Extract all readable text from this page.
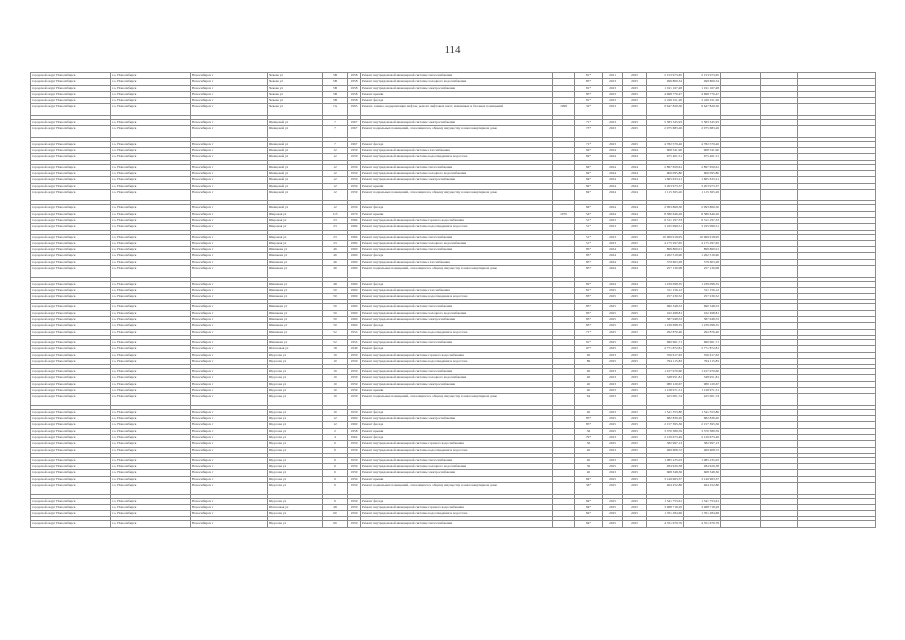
114
городской округ Новосибирск	г.о. Новосибирск	Новосибирск г	Чекова ул	5В	1958	Ремонт внутридомовой инженерной системы теплоснабжения		81*	2021	2025	2 153 973,65	2 153 973,65			
городской округ Новосибирск	г.о. Новосибирск	Новосибирск г	Чекова ул	5В	1958	Ремонт внутридомовой инженерной системы холодного водоснабжения		85*	2023	2025	499 809,34	499 809,34			
городской округ Новосибирск	г.о. Новосибирск	Новосибирск г	Чекова ул	5В	1958	Ремонт внутридомовой инженерной системы электроснабжения		81*	2023	2025	1 191 167,48	1 191 167,48			
городской округ Новосибирск	г.о. Новосибирск	Новосибирск г	Чекова ул	5В	1958	Ремонт крыши		85*	2023	2025	4 698 770,47	4 698 770,47			
городской округ Новосибирск	г.о. Новосибирск	Новосибирск г	Чекова ул	5В	1958	Ремонт фасада		81*	2023	2025	2 226 011,26	2 226 011,26			
городской округ Новосибирск	г.о. Новосибирск	Новосибирск г	Чекова ул	7А	1995	Ремонт, замена, модернизация лифтов, ремонт лифтовых шахт, машинных и блочных помещений	1998	32*	2023	2025	9 647 829,56	9 647 829,56			

городской округ Новосибирск	г.о. Новосибирск	Новосибирск г	Шевцовой ул	7	1967	Ремонт внутридомовой инженерной системы электроснабжения		71*	2023	2025	5 583 345,93	5 583 345,93			
городской округ Новосибирск	г.о. Новосибирск	Новосибирск г	Шевцовой ул	7	1967	Ремонт подвальных помещений, относящихся к общему имуществу в многоквартирном доме		73*	2023	2025	2 075 683,26	2 075 683,26			

городской округ Новосибирск	г.о. Новосибирск	Новосибирск г	Шевцовой ул	7	1967	Ремонт фасада		71*	2023	2025	4 782 579,46	4 782 579,46			
городской округ Новосибирск	г.о. Новосибирск	Новосибирск г	Шевцовой ул	12	1959	Ремонт внутридомовой инженерной системы газоснабжения		94*	2024	2024	908 541,90	908 541,90			
городской округ Новосибирск	г.о. Новосибирск	Новосибирск г	Шевцовой ул	12	1959	Ремонт внутридомовой инженерной системы водоотведения и водостока		84*	2024	2024	675 461,51	675 461,51			

городской округ Новосибирск	г.о. Новосибирск	Новосибирск г	Шевцовой ул	12	1959	Ремонт внутридомовой инженерной системы теплоснабжения		84*	2024	2024	2 897 659,61	2 897 659,61			
городской округ Новосибирск	г.о. Новосибирск	Новосибирск г	Шевцовой ул	12	1959	Ремонт внутридомовой инженерной системы холодного водоснабжения		84*	2024	2024	606 095,80	606 095,80			
городской округ Новосибирск	г.о. Новосибирск	Новосибирск г	Шевцовой ул	12	1959	Ремонт внутридомовой инженерной системы электроснабжения		84*	2024	2024	1 665 633,21	1 665 633,21			
городской округ Новосибирск	г.о. Новосибирск	Новосибирск г	Шевцовой ул	12	1959	Ремонт крыши		84*	2024	2024	3 203 973,37	3 203 973,37			
городской округ Новосибирск	г.о. Новосибирск	Новосибирск г	Шевцовой ул	12	1959	Ремонт подвальных помещений, относящихся к общему имуществу в многоквартирном доме		84*	2024	2024	1 115 365,26	1 115 365,26			

городской округ Новосибирск	г.о. Новосибирск	Новосибирск г	Шевцовой ул	12	1959	Ремонт фасада		84*	2024	2024	2 093 869,50	2 093 869,50			
городской округ Новосибирск	г.о. Новосибирск	Новосибирск г	Широкая ул	113	1970	Ремонт крыши	1970	54*	2024	2024	8 580 646,26	8 580 646,26			
городской округ Новосибирск	г.о. Новосибирск	Новосибирск г	Широкая ул	23	1984	Ремонт внутридомовой инженерной системы горячего водоснабжения		51*	2023	2025	6 511 197,33	6 511 197,33			
городской округ Новосибирск	г.о. Новосибирск	Новосибирск г	Широкая ул	23	1984	Ремонт внутридомовой инженерной системы водоотведения и водостока		51*	2023	2025	3 165 999,51	3 165 999,51			

городской округ Новосибирск	г.о. Новосибирск	Новосибирск г	Широкая ул	23	1984	Ремонт внутридомовой инженерной системы теплоснабжения		51*	2023	2025	10 969 918,95	10 969 918,95			
городской округ Новосибирск	г.о. Новосибирск	Новосибирск г	Широкая ул	23	1984	Ремонт внутридомовой инженерной системы холодного водоснабжения		51*	2023	2025	4 175 297,65	4 175 297,65			
городской округ Новосибирск	г.о. Новосибирск	Новосибирск г	Шишкова ул	46	1960	Ремонт внутридомовой инженерной системы теплоснабжения		85*	2024	2024	899 860,01	899 860,01			
городской округ Новосибирск	г.о. Новосибирск	Новосибирск г	Шишкова ул	46	1960	Ремонт фасада		83*	2024	2024	1 262 519,90	1 262 519,90			
городской округ Новосибирск	г.о. Новосибирск	Новосибирск г	Шишкова ул	46	1960	Ремонт внутридомовой инженерной системы газоснабжения		85*	2024	2024	379 603,28	379 603,28			
городской округ Новосибирск	г.о. Новосибирск	Новосибирск г	Шишкова ул	46	1960	Ремонт подвальных помещений, относящихся к общему имуществу в многоквартирном доме		85*	2024	2024	257 130,08	257 130,08			

городской округ Новосибирск	г.о. Новосибирск	Новосибирск г	Шишкова ул	48	1960	Ремонт фасада		82*	2024	2024	1 239 098,35	1 239 098,35			
городской округ Новосибирск	г.о. Новосибирск	Новосибирск г	Шишкова ул	50	1960	Ремонт внутридомовой инженерной системы газоснабжения		81*	2025	2025	311 156,12	311 156,12			
городской округ Новосибирск	г.о. Новосибирск	Новосибирск г	Шишкова ул	50	1960	Ремонт внутридомовой инженерной системы водоотведения и водостока		83*	2025	2025	257 230,52	257 230,52			

городской округ Новосибирск	г.о. Новосибирск	Новосибирск г	Шишкова ул	50	1960	Ремонт внутридомовой инженерной системы теплоснабжения		83*	2025	2025	690 348,53	690 348,53			
городской округ Новосибирск	г.о. Новосибирск	Новосибирск г	Шишкова ул	50	1960	Ремонт внутридомовой инженерной системы холодного водоснабжения		83*	2025	2025	162 498,81	162 498,81			
городской округ Новосибирск	г.о. Новосибирск	Новосибирск г	Шишкова ул	50	1960	Ремонт внутридомовой инженерной системы электроснабжения		83*	2025	2025	587 948,53	587 948,53			
городской округ Новосибирск	г.о. Новосибирск	Новосибирск г	Шишкова ул	50	1960	Ремонт фасада		83*	2025	2025	1 239 098,35	1 239 098,35			
городской округ Новосибирск	г.о. Новосибирск	Новосибирск г	Шишкова ул	52	1954	Ремонт внутридомовой инженерной системы водоотведения и водостока		71*	2025	2025	292 876,46	292 876,46			

городской округ Новосибирск	г.о. Новосибирск	Новосибирск г	Шишкова ул	52	1954	Ремонт внутридомовой инженерной системы теплоснабжения		91*	2025	2025	690 961,71	690 961,71			
городской округ Новосибирск	г.о. Новосибирск	Новосибирск г	Шлюзовая ул	18	1949	Ремонт фасада		97*	2025	2025	2 771 872,81	2 771 872,81			
городской округ Новосибирск	г.о. Новосибирск	Новосибирск г	Щорсова ул	10	1959	Ремонт внутридомовой инженерной системы горячего водоснабжения		40	2023	2025	356 617,63	356 617,63			
городской округ Новосибирск	г.о. Новосибирск	Новосибирск г	Щорсова ул	10	1959	Ремонт внутридомовой инженерной системы водоотведения и водостока		89	2025	2025	794 115,83	794 115,83			

городской округ Новосибирск	г.о. Новосибирск	Новосибирск г	Щорсова ул	10	1959	Ремонт внутридомовой инженерной системы теплоснабжения		40	2023	2025	1 017 970,60	1 017 970,60			
городской округ Новосибирск	г.о. Новосибирск	Новосибирск г	Щорсова ул	10	1959	Ремонт внутридомовой инженерной системы холодного водоснабжения		40	2023	2025	348 951,81	348 951,81			
городской округ Новосибирск	г.о. Новосибирск	Новосибирск г	Щорсова ул	10	1959	Ремонт внутридомовой инженерной системы электроснабжения		40	2023	2025	980 120,67	980 120,67			
городской округ Новосибирск	г.о. Новосибирск	Новосибирск г	Щорсова ул	10	1959	Ремонт крыши		40	2023	2025	1 128 971,51	1 128 971,51			
городской округ Новосибирск	г.о. Новосибирск	Новосибирск г	Щорсова ул	10	1959	Ремонт подвальных помещений, относящихся к общему имуществу в многоквартирном доме		64	2023	2025	425 001,74	425 001,74			

городской округ Новосибирск	г.о. Новосибирск	Новосибирск г	Щорсова ул	10	1959	Ремонт фасада		40	2023	2025	1 541 353,80	1 541 353,80			
городской округ Новосибирск	г.о. Новосибирск	Новосибирск г	Щорсова ул	12	1960	Ремонт внутридомовой инженерной системы электроснабжения		85*	2025	2025	682 839,20	682 839,20			
городской округ Новосибирск	г.о. Новосибирск	Новосибирск г	Щорсова ул	12	1960	Ремонт фасада		85*	2025	2025	2 157 395,36	2 157 395,36			
городской округ Новосибирск	г.о. Новосибирск	Новосибирск г	Щорсова ул	2	1958	Ремонт крыши		36	2025	2025	3 370 389,59	3 370 389,59			
городской округ Новосибирск	г.о. Новосибирск	Новосибирск г	Щорсова ул	4	1962	Ремонт фасада		79*	2023	2025	2 129 673,49	2 129 673,49			
городской округ Новосибирск	г.о. Новосибирск	Новосибирск г	Щорсова ул	6	1959	Ремонт внутридомовой инженерной системы горячего водоснабжения		36	2025	2025	382 997,13	382 997,13			
городской округ Новосибирск	г.о. Новосибирск	Новосибирск г	Щорсова ул	6	1959	Ремонт внутридомовой инженерной системы водоотведения и водостока		40	2023	2025	469 608,72	469 608,72			

городской округ Новосибирск	г.о. Новосибирск	Новосибирск г	Щорсова ул	6	1959	Ремонт внутридомовой инженерной системы теплоснабжения		40	2023	2025	1 085 235,03	1 085 235,03			
городской округ Новосибирск	г.о. Новосибирск	Новосибирск г	Щорсова ул	6	1959	Ремонт внутридомовой инженерной системы холодного водоснабжения		36	2025	2025	284 929,38	284 929,38			
городской округ Новосибирск	г.о. Новосибирск	Новосибирск г	Щорсова ул	6	1959	Ремонт внутридомовой инженерной системы электроснабжения		40	2023	2025	668 348,36	668 348,36			
городской округ Новосибирск	г.о. Новосибирск	Новосибирск г	Щорсова ул	6	1959	Ремонт крыши		84*	2025	2025	3 149 963,37	3 149 963,37			
городской округ Новосибирск	г.о. Новосибирск	Новосибирск г	Щорсова ул	6	1959	Ремонт подвальных помещений, относящихся к общему имуществу в многоквартирном доме		36*	2025	2025	464 252,86	464 252,86			

городской округ Новосибирск	г.о. Новосибирск	Новосибирск г	Щорсова ул	6	1959	Ремонт фасада		84*	2025	2025	1 341 753,61	1 341 753,61			
городской округ Новосибирск	г.о. Новосибирск	Новосибирск г	Шлюзовая ул	48	1959	Ремонт внутридомовой инженерной системы горячего водоснабжения		84*	2025	2025	3 488 718,29	3 488 718,29			
городской округ Новосибирск	г.о. Новосибирск	Новосибирск г	Щорсова ул	60	1959	Ремонт внутридомовой инженерной системы водоотведения и водостока		84*	2025	2025	1 761 284,69	1 761 284,69			

городской округ Новосибирск	г.о. Новосибирск	Новосибирск г	Щорсова ул	60	1959	Ремонт внутридомовой инженерной системы теплоснабжения		84*	2025	2025	4 351 679,79	4 351 679,79			
